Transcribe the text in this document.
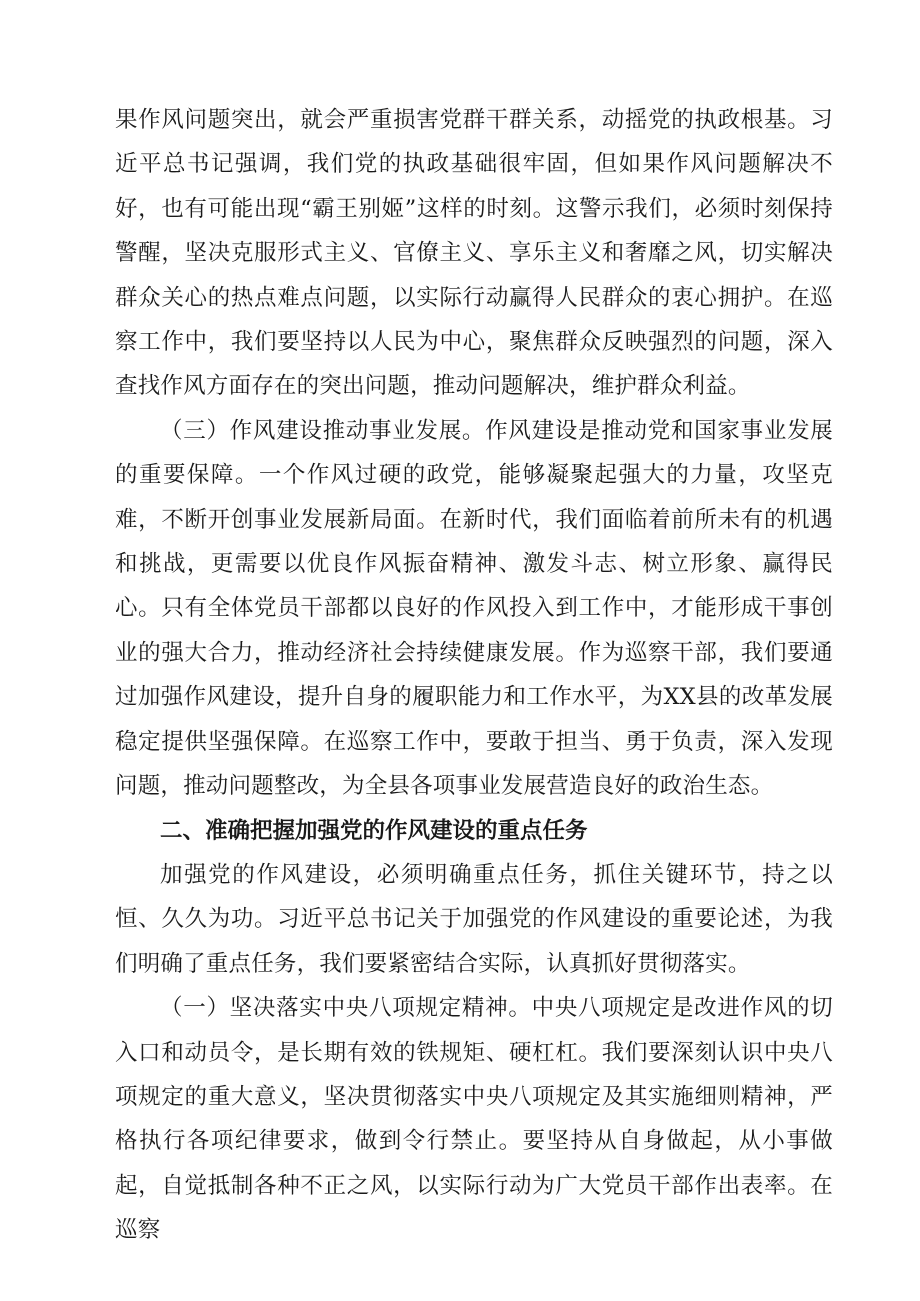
果作风问题突出，就会严重损害党群干群关系，动摇党的执政根基。习近平总书记强调，我们党的执政基础很牢固，但如果作风问题解决不好，也有可能出现“霸王别姬”这样的时刻。这警示我们，必须时刻保持警醒，坚决克服形式主义、官僚主义、享乐主义和奢靡之风，切实解决群众关心的热点难点问题，以实际行动赢得人民群众的衷心拥护。在巡察工作中，我们要坚持以人民为中心，聚焦群众反映强烈的问题，深入查找作风方面存在的突出问题，推动问题解决，维护群众利益。

（三）作风建设推动事业发展。作风建设是推动党和国家事业发展的重要保障。一个作风过硬的政党，能够凝聚起强大的力量，攻坚克难，不断开创事业发展新局面。在新时代，我们面临着前所未有的机遇和挑战，更需要以优良作风振奋精神、激发斗志、树立形象、赢得民心。只有全体党员干部都以良好的作风投入到工作中，才能形成干事创业的强大合力，推动经济社会持续健康发展。作为巡察干部，我们要通过加强作风建设，提升自身的履职能力和工作水平，为XX县的改革发展稳定提供坚强保障。在巡察工作中，要敢于担当、勇于负责，深入发现问题，推动问题整改，为全县各项事业发展营造良好的政治生态。

二、准确把握加强党的作风建设的重点任务

加强党的作风建设，必须明确重点任务，抓住关键环节，持之以恒、久久为功。习近平总书记关于加强党的作风建设的重要论述，为我们明确了重点任务，我们要紧密结合实际，认真抓好贯彻落实。

（一）坚决落实中央八项规定精神。中央八项规定是改进作风的切入口和动员令，是长期有效的铁规矩、硬杠杠。我们要深刻认识中央八项规定的重大意义，坚决贯彻落实中央八项规定及其实施细则精神，严格执行各项纪律要求，做到令行禁止。要坚持从自身做起，从小事做起，自觉抵制各种不正之风，以实际行动为广大党员干部作出表率。在巡察
